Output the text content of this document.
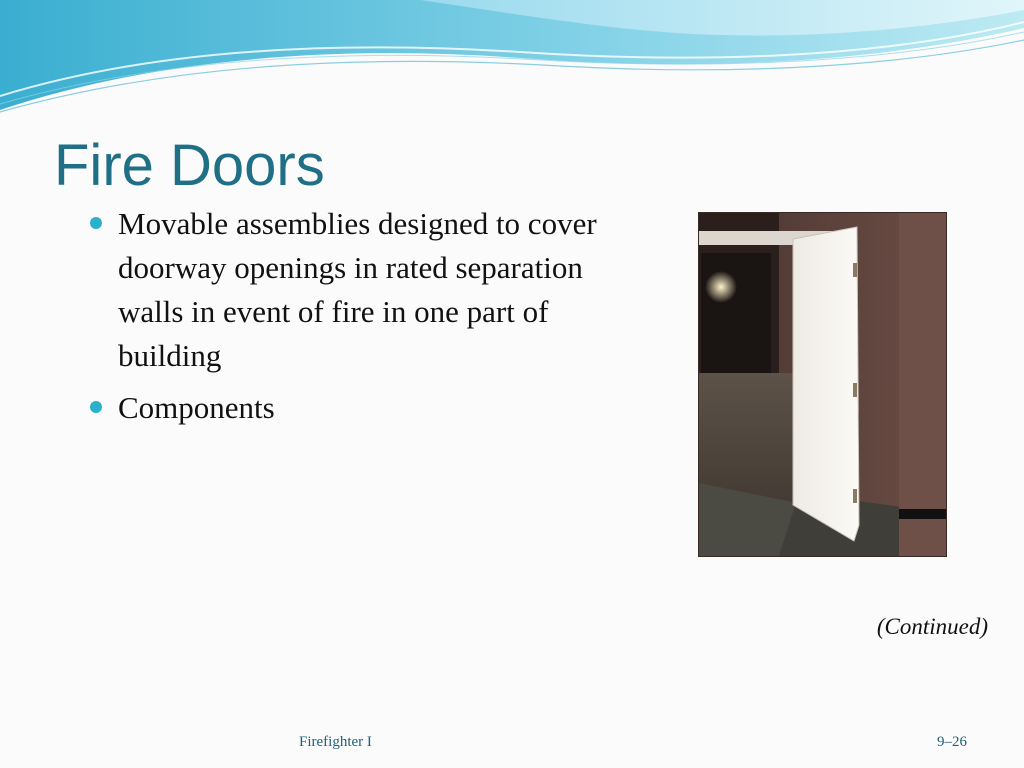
Fire Doors
Movable assemblies designed to cover doorway openings in rated separation walls in event of fire in one part of building
Components
(Continued)
Firefighter I	9–26
